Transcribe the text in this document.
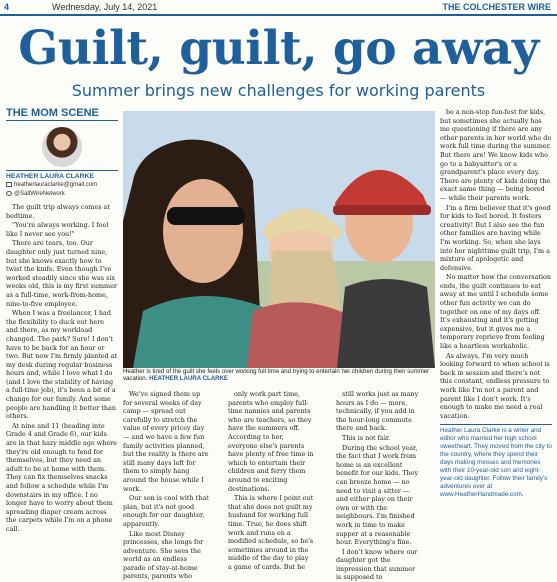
4	Wednesday, July 14, 2021	THE COLCHESTER WIRE
Guilt, guilt, go away
Summer brings new challenges for working parents
THE MOM SCENE
HEATHER LAURA CLARKE
heatherlauraclarke@gmail.com
@SaltWireNetwork

The guilt trip always comes at bedtime.

"You're always working. I feel like I never see you!"

There are tears, too. Our daughter only just turned nine, but she knows exactly how to twist the knife. Even though I've worked steadily since she was six weeks old, this is my first summer as a full-time, work-from-home, nine-to-five employee.

When I was a freelancer, I had the flexibility to duck out here and there, as my workload changed. The park? Sure! I don't have to be back for an hour or two. But now I'm firmly planted at my desk during regular business hours and, while I love what I do (and I love the stability of having a full-time job), it's been a bit of a change for our family. And some people are handling it better than others.

At nine and 11 (heading into Grade 4 and Grade 6), our kids are in that hazy middle age where they're old enough to fend for themselves, but they need an adult to be at home with them. They can fix themselves snacks and follow a schedule while I'm downstairs in my office. I no longer have to worry about them spreading diaper cream across the carpets while I'm on a phone call.

Heather is tired of the guilt she feels over working full time and trying to entertain her children during their summer vacation. HEATHER LAURA CLARKE

We've signed them up for several weeks of day camp — spread out carefully to stretch the value of every pricey day — and we have a few fun family activities planned, but the reality is there are still many days left for them to simply hang around the house while I work.

Our son is cool with that plan, but it's not good enough for our daughter, apparently.

Like most Disney princesses, she longs for adventure. She sees the world as an endless parade of stay-at-home parents, parents who

only work part time, parents who employ full-time nannies and parents who are teachers, so they have the summers off. According to her, everyone else's parents have plenty of free time in which to entertain their children and ferry them around to exciting destinations.

This is where I point out that she does not guilt my husband for working full time. True, he does shift work and runs on a modified schedule, so he's sometimes around in the middle of the day to play a game of cards. But he

still works just as many hours as I do — more, technically, if you add in the hour-long commute there and back.

This is not fair.

During the school year, the fact that I work from home is an excellent benefit for our kids. They can breeze home — no need to visit a sitter — and either play on their own or with the neighbours. I'm finished work in time to make supper at a reasonable hour. Everything's fine.

I don't know where our daughter got the impression that summer is supposed to

be a non-stop fun-fest for kids, but sometimes she actually has me questioning if there are any other parents in her world who do work full time during the summer. But there are! We know kids who go to a babysitter's or a grandparent's place every day. There are plenty of kids doing the exact same thing — being bored — while their parents work.

I'm a firm believer that it's good for kids to feel bored. It fosters creativity! But I also see the fun other families are having while I'm working. So, when she lays into her nighttime guilt trip, I'm a mixture of apologetic and defensive.

No matter how the conversation ends, the guilt continues to eat away at me until I schedule some other fun activity we can do together on one of my days off. It's exhausting and it's getting expensive, but it gives me a temporary reprieve from feeling like a heartless workaholic.

As always, I'm very much looking forward to when school is back in session and there's not this constant, endless pressure to work like I'm not a parent and parent like I don't work. It's enough to make me need a real vacation.

Heather Laura Clarke is a writer and editor who married her high school sweetheart. They moved from the city to the country, where they spend their days making messes and memories with their 10-year-old son and eight-year-old daughter. Follow their family's adventures over at www.HeatherHandmade.com.
